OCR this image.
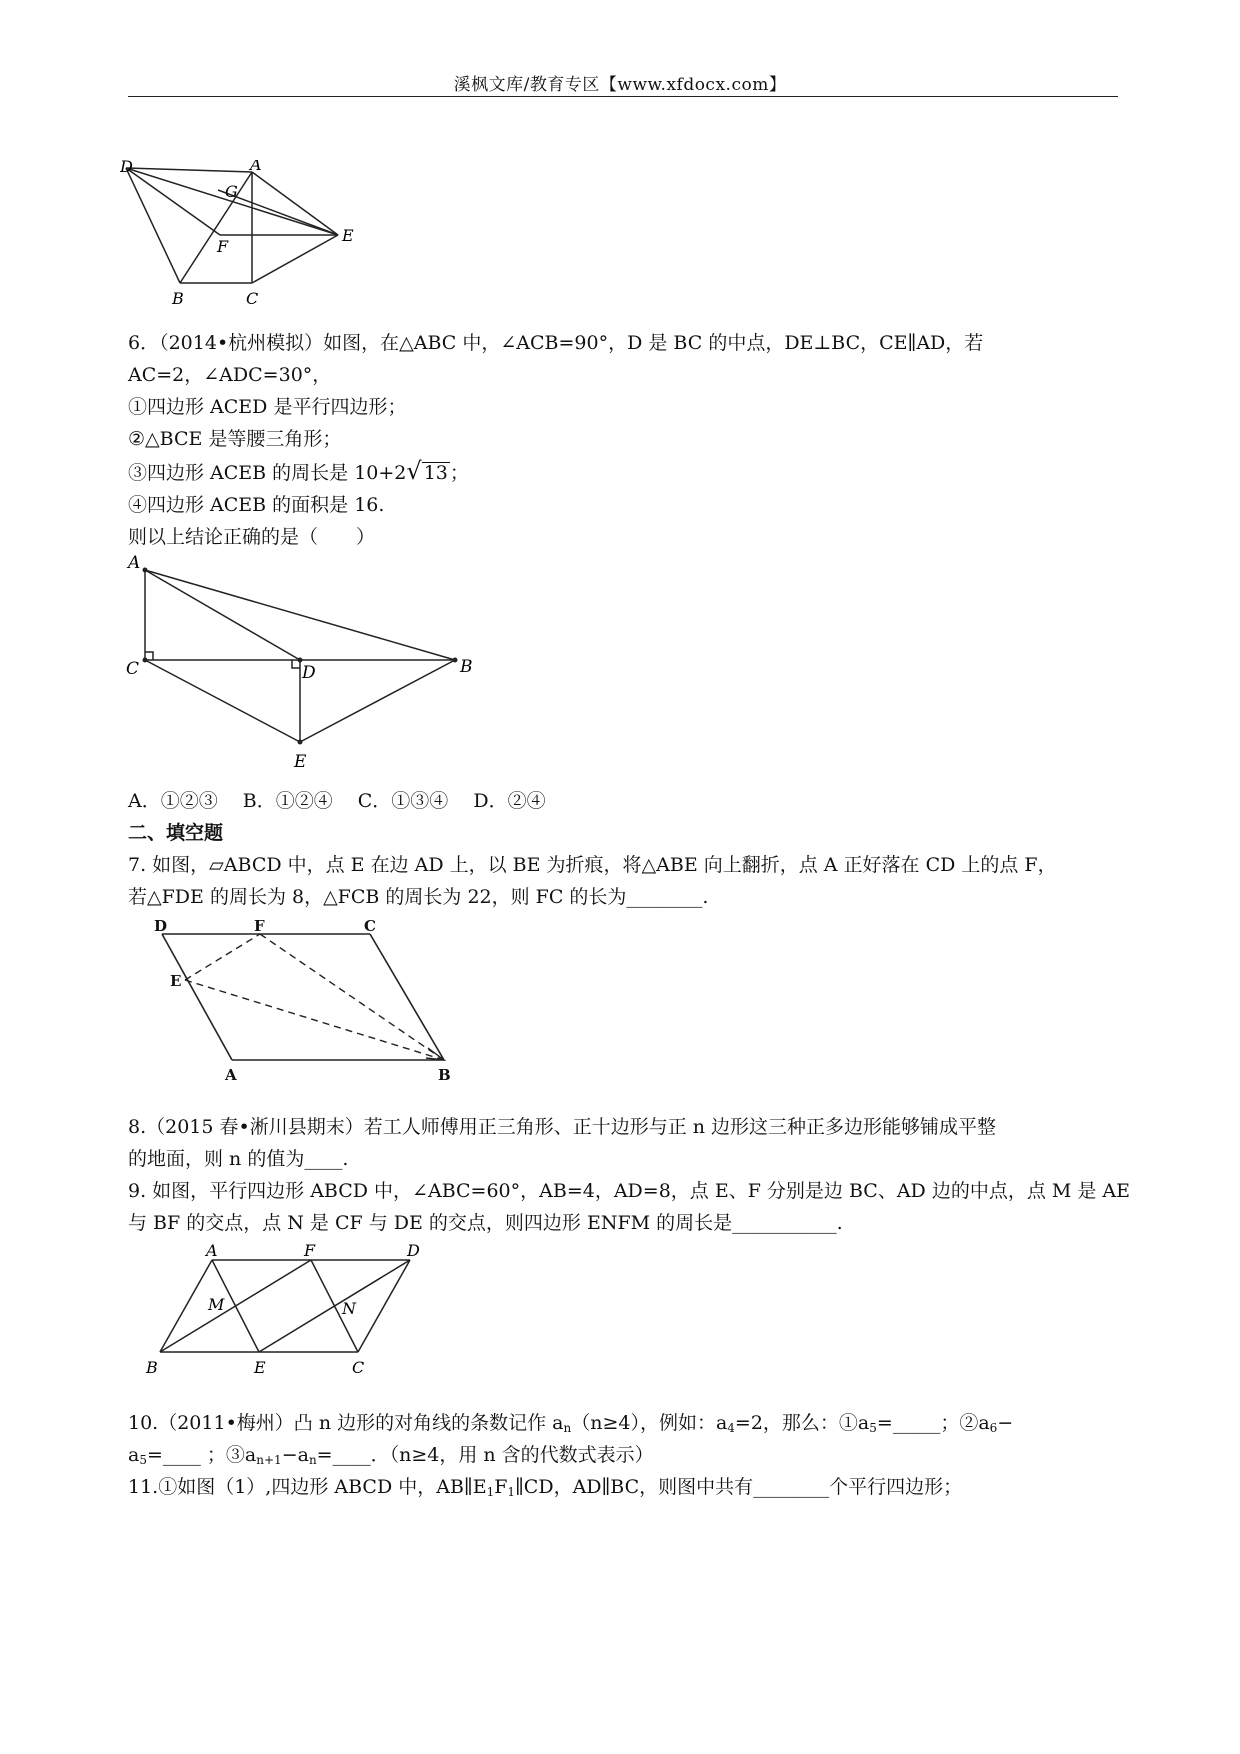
溪枫文库/教育专区【www.xfdocx.com】
D	A
G
F
E
B	C
6．（2014•杭州模拟）如图，在△ABC 中，∠ACB=90°，D 是 BC 的中点，DE⊥BC，CE∥AD，若
AC=2，∠ADC=30°，
①四边形 ACED 是平行四边形；
②△BCE 是等腰三角形；
③四边形 ACEB 的周长是 10+2√ 13 ；
④四边形 ACEB 的面积是 16.
则以上结论正确的是（　　）
A
C	D	B
E
A．①②③　 B．①②④　 C．①③④　 D．②④
二、填空题
7. 如图，▱ABCD 中，点 E 在边 AD 上，以 BE 为折痕，将△ABE 向上翻折，点 A 正好落在 CD 上的点 F，
若△FDE 的周长为 8，△FCB 的周长为 22，则 FC 的长为________.
D	F	C
E
A	B
8.（2015 春•淅川县期末）若工人师傅用正三角形、正十边形与正 n 边形这三种正多边形能够铺成平整
的地面，则 n 的值为____.
9. 如图，平行四边形 ABCD 中，∠ABC=60°，AB=4，AD=8，点 E、F 分别是边 BC、AD 边的中点，点 M 是 AE
与 BF 的交点，点 N 是 CF 与 DE 的交点，则四边形 ENFM 的周长是___________.
A	F	D
M	N
B	E	C
10.（2011•梅州）凸 n 边形的对角线的条数记作 $a_n(n\ge 4)$，例如：$a_4=2$，那么：$①a_5=\_\_\_\_\_$；$②a_6-$
$a_5=\_\_\_\_$ ；$③a_{n+1}-a_n=\_\_\_\_$．（n≥4，用 n 含的代数式表示）
11.①如图（1）,四边形 ABCD 中，$AB\parallel E_1F_1\parallel CD$，AD∥BC，则图中共有________个平行四边形；
